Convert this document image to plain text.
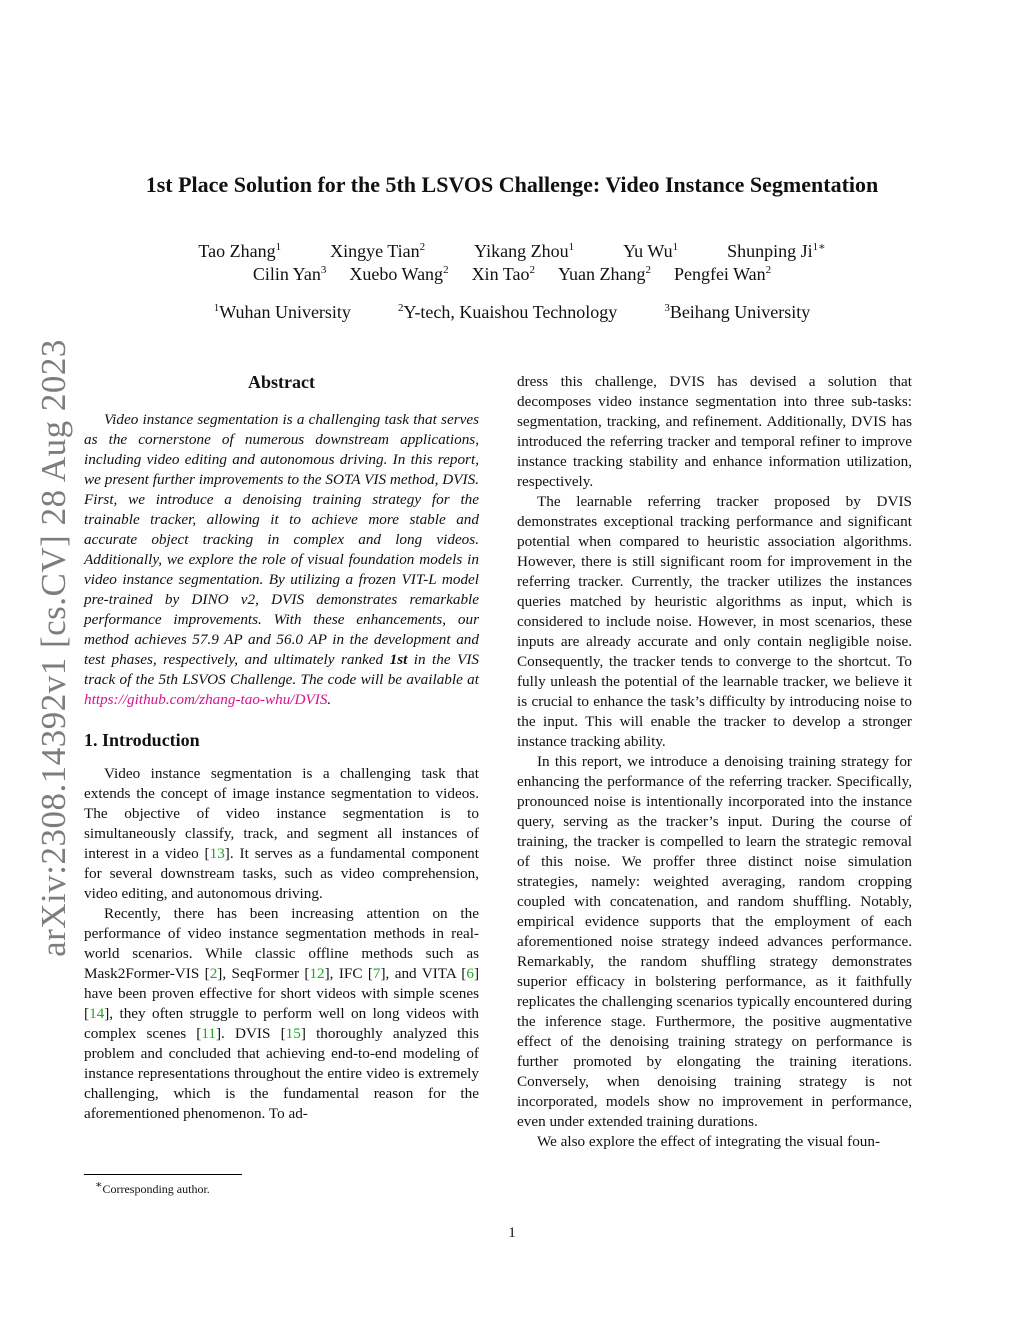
arXiv:2308.14392v1 [cs.CV] 28 Aug 2023
1st Place Solution for the 5th LSVOS Challenge: Video Instance Segmentation
Tao Zhang$^1$	Xingye Tian$^2$	Yikang Zhou$^1$	Yu Wu$^1$	Shunping $Ji^{1∗}$
Cilin Yan$^3$ Xuebo Wang$^2$ Xin Tao$^2$ Yuan Zhang$^2$ Pengfei Wan$^2$
$^1$Wuhan University	$^2$Y-tech, Kuaishou Technology	$^3$Beihang University
Abstract

Video instance segmentation is a challenging task that serves as the cornerstone of numerous downstream applications, including video editing and autonomous driving. In this report, we present further improvements to the SOTA VIS method, DVIS. First, we introduce a denoising training strategy for the trainable tracker, allowing it to achieve more stable and accurate object tracking in complex and long videos. Additionally, we explore the role of visual foundation models in video instance segmentation. By utilizing a frozen VIT-L model pre-trained by DINO v2, DVIS demonstrates remarkable performance improvements. With these enhancements, our method achieves 57.9 AP and 56.0 AP in the development and test phases, respectively, and ultimately ranked 1st in the VIS track of the 5th LSVOS Challenge. The code will be available at https://github.com/zhang-tao-whu/DVIS.

1. Introduction

Video instance segmentation is a challenging task that extends the concept of image instance segmentation to videos. The objective of video instance segmentation is to simultaneously classify, track, and segment all instances of interest in a video [13]. It serves as a fundamental component for several downstream tasks, such as video comprehension, video editing, and autonomous driving.

Recently, there has been increasing attention on the performance of video instance segmentation methods in real-world scenarios. While classic offline methods such as Mask2Former-VIS [2], SeqFormer [12], IFC [7], and VITA [6] have been proven effective for short videos with simple scenes [14], they often struggle to perform well on long videos with complex scenes [11]. DVIS [15] thoroughly analyzed this problem and concluded that achieving end-to-end modeling of instance representations throughout the entire video is extremely challenging, which is the fundamental reason for the aforementioned phenomenon. To ad-

dress this challenge, DVIS has devised a solution that decomposes video instance segmentation into three sub-tasks: segmentation, tracking, and refinement. Additionally, DVIS has introduced the referring tracker and temporal refiner to improve instance tracking stability and enhance information utilization, respectively.

The learnable referring tracker proposed by DVIS demonstrates exceptional tracking performance and significant potential when compared to heuristic association algorithms. However, there is still significant room for improvement in the referring tracker. Currently, the tracker utilizes the instances queries matched by heuristic algorithms as input, which is considered to include noise. However, in most scenarios, these inputs are already accurate and only contain negligible noise. Consequently, the tracker tends to converge to the shortcut. To fully unleash the potential of the learnable tracker, we believe it is crucial to enhance the task’s difficulty by introducing noise to the input. This will enable the tracker to develop a stronger instance tracking ability.

In this report, we introduce a denoising training strategy for enhancing the performance of the referring tracker. Specifically, pronounced noise is intentionally incorporated into the instance query, serving as the tracker’s input. During the course of training, the tracker is compelled to learn the strategic removal of this noise. We proffer three distinct noise simulation strategies, namely: weighted averaging, random cropping coupled with concatenation, and random shuffling. Notably, empirical evidence supports that the employment of each aforementioned noise strategy indeed advances performance. Remarkably, the random shuffling strategy demonstrates superior efficacy in bolstering performance, as it faithfully replicates the challenging scenarios typically encountered during the inference stage. Furthermore, the positive augmentative effect of the denoising training strategy on performance is further promoted by elongating the training iterations. Conversely, when denoising training strategy is not incorporated, models show no improvement in performance, even under extended training durations.

We also explore the effect of integrating the visual foun-

∗Corresponding author.
1
